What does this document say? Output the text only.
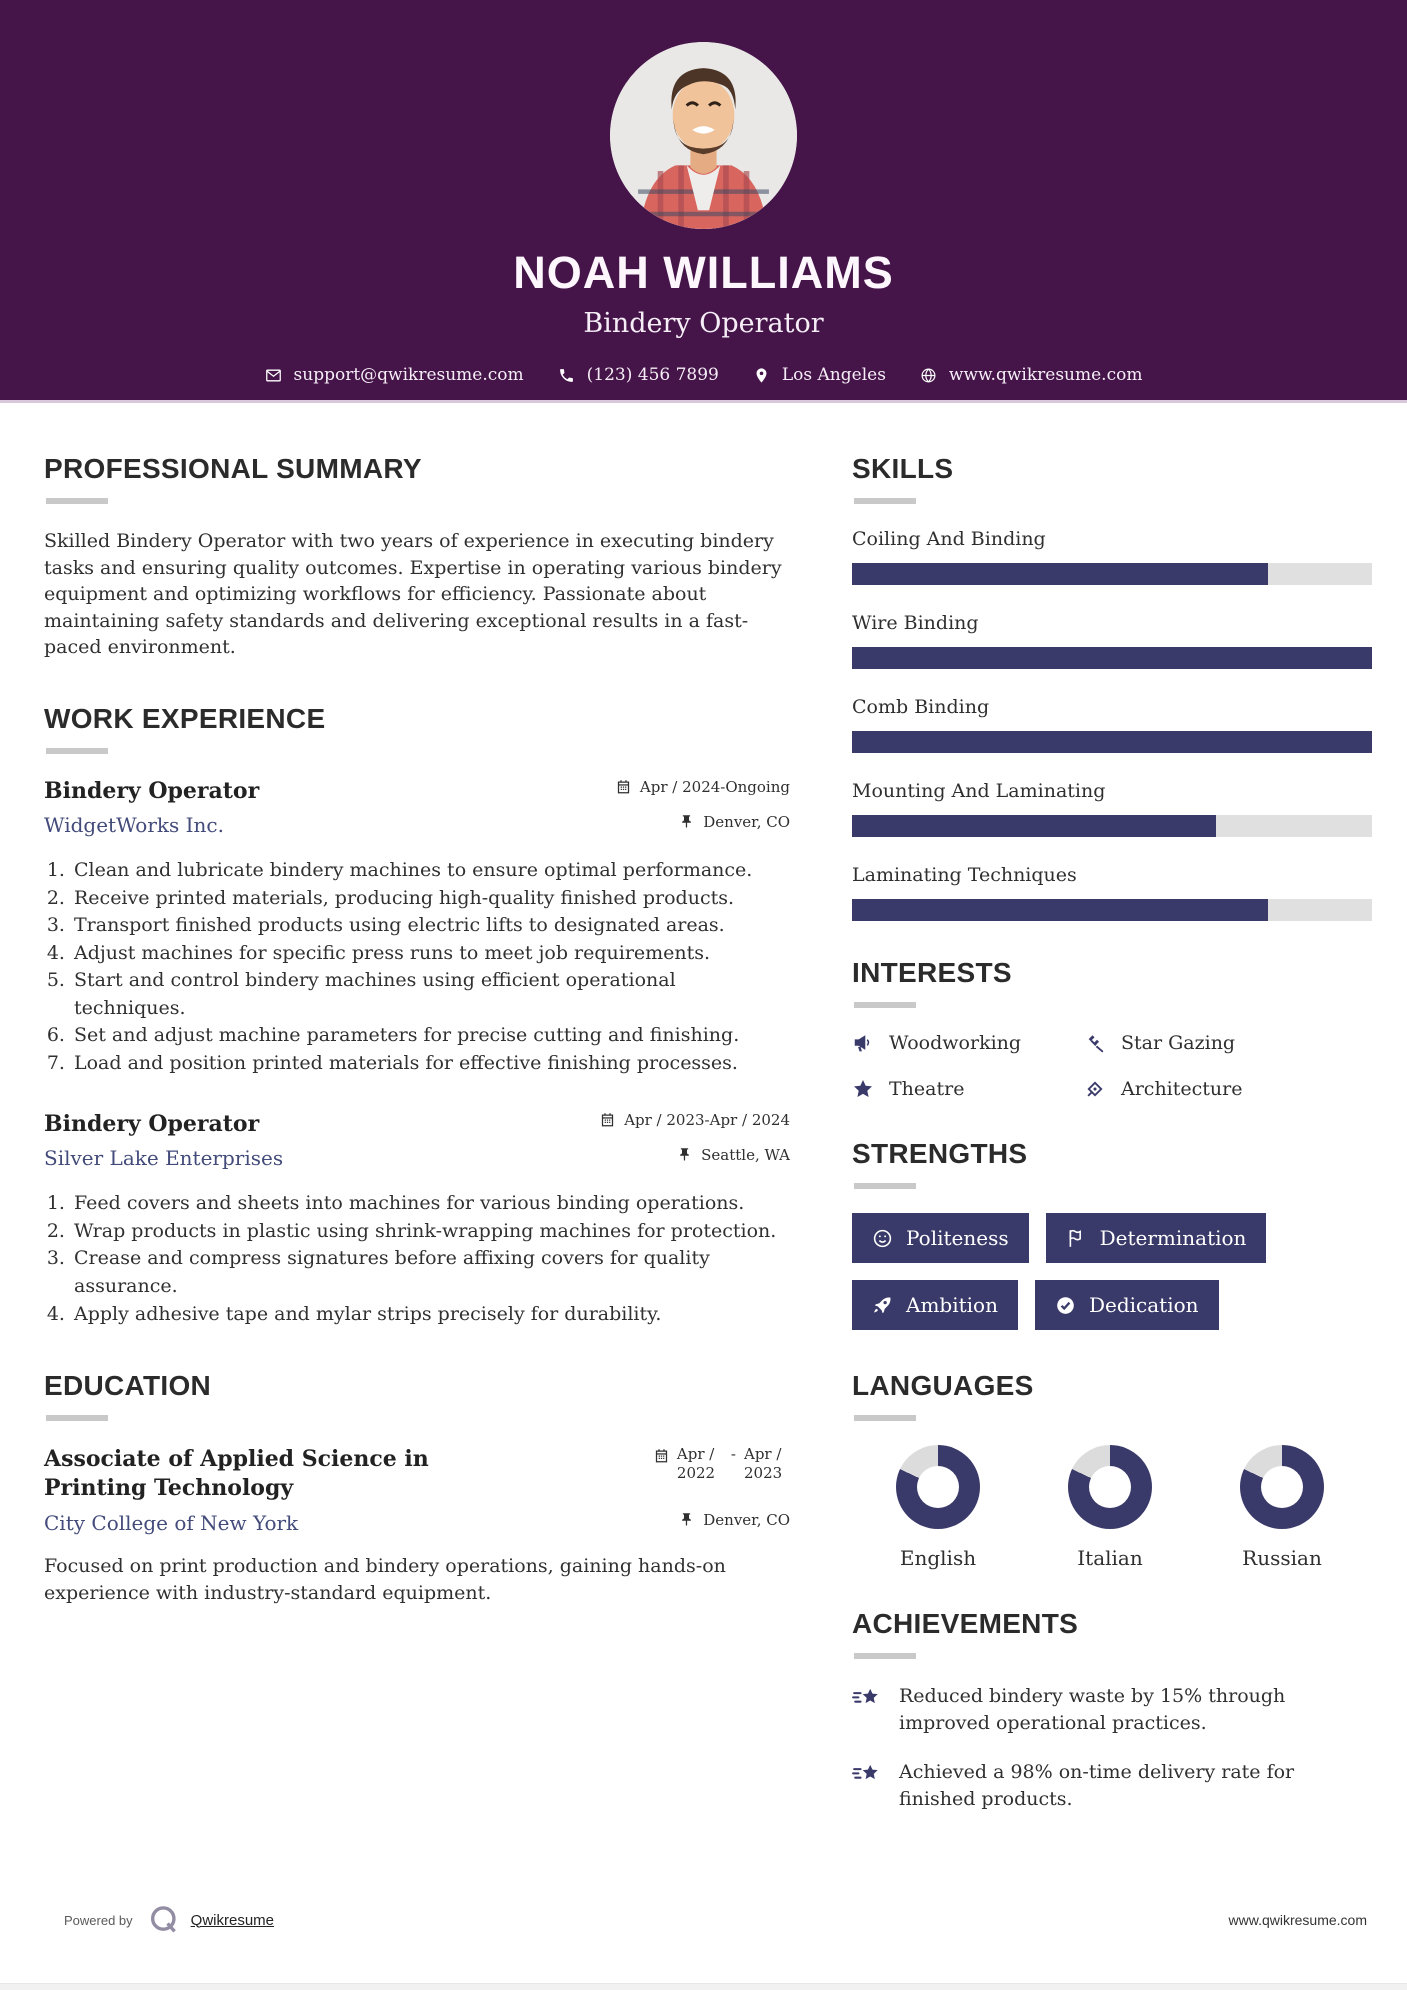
NOAH WILLIAMS
Bindery Operator
support@qwikresume.com	(123) 456 7899	Los Angeles	www.qwikresume.com
PROFESSIONAL SUMMARY
Skilled Bindery Operator with two years of experience in executing bindery tasks and ensuring quality outcomes. Expertise in operating various bindery equipment and optimizing workflows for efficiency. Passionate about maintaining safety standards and delivering exceptional results in a fast-paced environment.
WORK EXPERIENCE
Bindery Operator	Apr / 2024-Ongoing
WidgetWorks Inc.	Denver, CO
1. Clean and lubricate bindery machines to ensure optimal performance.
2. Receive printed materials, producing high-quality finished products.
3. Transport finished products using electric lifts to designated areas.
4. Adjust machines for specific press runs to meet job requirements.
5. Start and control bindery machines using efficient operational techniques.
6. Set and adjust machine parameters for precise cutting and finishing.
7. Load and position printed materials for effective finishing processes.
Bindery Operator	Apr / 2023-Apr / 2024
Silver Lake Enterprises	Seattle, WA
1. Feed covers and sheets into machines for various binding operations.
2. Wrap products in plastic using shrink-wrapping machines for protection.
3. Crease and compress signatures before affixing covers for quality assurance.
4. Apply adhesive tape and mylar strips precisely for durability.
EDUCATION
Associate of Applied Science in Printing Technology
Apr /
2022
- Apr /
2023
City College of New York	Denver, CO
Focused on print production and bindery operations, gaining hands-on experience with industry-standard equipment.
SKILLS
Coiling And Binding
Wire Binding
Comb Binding
Mounting And Laminating
Laminating Techniques
INTERESTS
Woodworking	Star Gazing
Theatre	Architecture
STRENGTHS
Politeness	Determination
Ambition	Dedication
LANGUAGES
English	Italian	Russian
ACHIEVEMENTS
Reduced bindery waste by 15% through improved operational practices.
Achieved a 98% on-time delivery rate for finished products.
Powered by	Qwikresume	www.qwikresume.com
